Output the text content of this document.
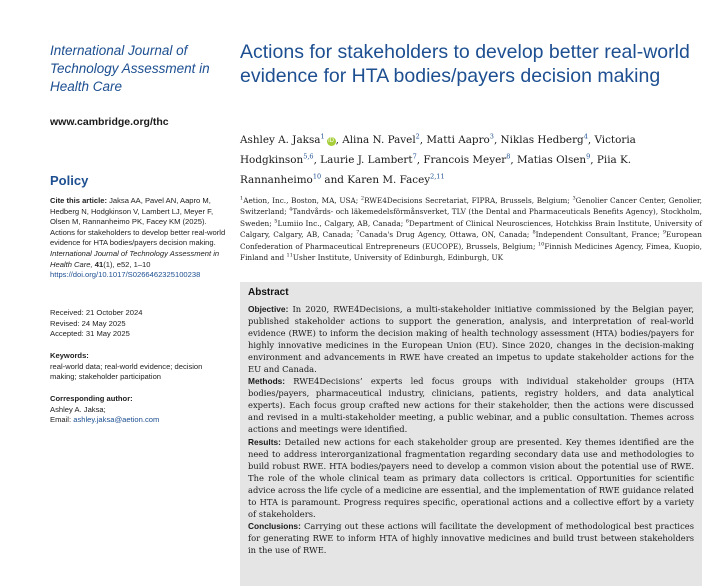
International Journal of Technology Assessment in Health Care
www.cambridge.org/thc
Policy
Cite this article: Jaksa AA, Pavel AN, Aapro M, Hedberg N, Hodgkinson V, Lambert LJ, Meyer F, Olsen M, Rannanheimo PK, Facey KM (2025). Actions for stakeholders to develop better real-world evidence for HTA bodies/payers decision making. International Journal of Technology Assessment in Health Care, 41(1), e52, 1–10 https://doi.org/10.1017/S0266462325100238
Received: 21 October 2024
Revised: 24 May 2025
Accepted: 31 May 2025
Keywords:
real-world data; real-world evidence; decision making; stakeholder participation
Corresponding author:
Ashley A. Jaksa;
Email: ashley.jaksa@aetion.com
Actions for stakeholders to develop better real-world evidence for HTA bodies/payers decision making
Ashley A. Jaksa$^1$iD , Alina N. Pavel$^2$, Matti Aapro$^3$, Niklas Hedberg$^4$, Victoria Hodgkinson$^{5,6}$, Laurie J. Lambert$^7$, Francois Meyer$^8$, Matias Olsen$^9$, Piia K. Rannanheimo$^{10}$ and Karen M. Facey$^{2,11}$
$^1$Aetion, Inc., Boston, MA, USA; $^2$RWE4Decisions Secretariat, FIPRA, Brussels, Belgium; $^3$Genolier Cancer Center, Genolier, Switzerland; $^4$Tandvårds- och läkemedelsförmånsverket, TLV (the Dental and Pharmaceuticals Benefits Agency), Stockholm, Sweden; $^5$Lumiio Inc., Calgary, AB, Canada; $^6$Department of Clinical Neurosciences, Hotchkiss Brain Institute, University of Calgary, Calgary, AB, Canada; $^7$Canada's Drug Agency, Ottawa, ON, Canada; $^8$Independent Consultant, France; $^9$European Confederation of Pharmaceutical Entrepreneurs (EUCOPE), Brussels, Belgium; $^{10}$Finnish Medicines Agency, Fimea, Kuopio, Finland and $^{11}$Usher Institute, University of Edinburgh, Edinburgh, UK
Abstract

Objective: In 2020, RWE4Decisions, a multi-stakeholder initiative commissioned by the Belgian payer, published stakeholder actions to support the generation, analysis, and interpretation of real-world evidence (RWE) to inform the decision making of health technology assessment (HTA) bodies/payers for highly innovative medicines in the European Union (EU). Since 2020, changes in the decision-making environment and advancements in RWE have created an impetus to update stakeholder actions for the EU and Canada.

Methods: RWE4Decisions’ experts led focus groups with individual stakeholder groups (HTA bodies/payers, pharmaceutical industry, clinicians, patients, registry holders, and data analytical experts). Each focus group crafted new actions for their stakeholder, then the actions were discussed and revised in a multi-stakeholder meeting, a public webinar, and a public consultation. Themes across actions and meetings were identified.

Results: Detailed new actions for each stakeholder group are presented. Key themes identified are the need to address interorganizational fragmentation regarding secondary data use and methodologies to build robust RWE. HTA bodies/payers need to develop a common vision about the potential use of RWE. The role of the whole clinical team as primary data collectors is critical. Opportunities for scientific advice across the life cycle of a medicine are essential, and the implementation of RWE guidance related to HTA is paramount. Progress requires specific, operational actions and a collective effort by a variety of stakeholders.

Conclusions: Carrying out these actions will facilitate the development of methodological best practices for generating RWE to inform HTA of highly innovative medicines and build trust between stakeholders in the use of RWE.
